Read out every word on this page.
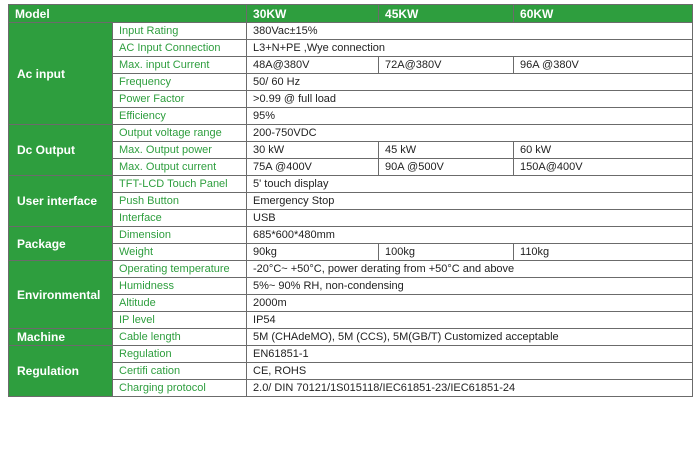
Model		30KW	45KW	60KW
Ac input	Input Rating	380Vac±15%		
	AC Input Connection	L3+N+PE ,Wye connection		
	Max. input Current	48A@380V	72A@380V	96A @380V
	Frequency	50/ 60 Hz		
	Power Factor	>0.99 @ full load		
	Efficiency	95%		
Dc Output	Output voltage range	200-750VDC		
	Max. Output power	30 kW	45 kW	60 kW
	Max. Output current	75A @400V	90A @500V	150A@400V
User interface	TFT-LCD Touch Panel	5' touch display		
	Push Button	Emergency Stop		
	Interface	USB		
Package	Dimension	685*600*480mm		
	Weight	90kg	100kg	110kg
Environmental	Operating temperature	-20°C~ +50°C, power derating from +50°C and above		
	Humidness	5%~ 90% RH, non-condensing		
	Altitude	2000m		
	IP level	IP54		
Machine	Cable length	5M (CHAdeMO), 5M (CCS), 5M(GB/T) Customized acceptable		
Regulation	Regulation	EN61851-1		
	Certifi cation	CE, ROHS		
	Charging protocol	2.0/ DIN 70121/1S015118/IEC61851-23/IEC61851-24		
